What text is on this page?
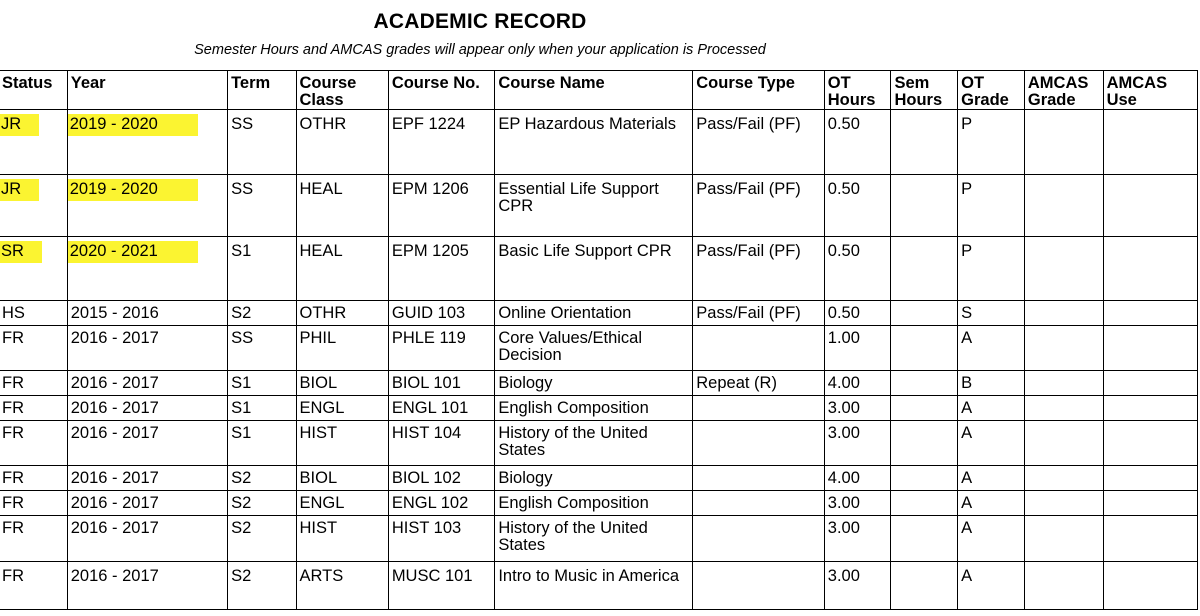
ACADEMIC RECORD
Semester Hours and AMCAS grades will appear only when your application is Processed
Status	Year	Term	Course Class	Course No.	Course Name	Course Type	OT Hours	Sem Hours	OT Grade	AMCAS Grade	AMCAS Use
JR	2019 - 2020	SS	OTHR	EPF 1224	EP Hazardous Materials	Pass/Fail (PF)	0.50		P		
JR	2019 - 2020	SS	HEAL	EPM 1206	Essential Life Support CPR	Pass/Fail (PF)	0.50		P		
SR	2020 - 2021	S1	HEAL	EPM 1205	Basic Life Support CPR	Pass/Fail (PF)	0.50		P		
HS	2015 - 2016	S2	OTHR	GUID 103	Online Orientation	Pass/Fail (PF)	0.50		S		
FR	2016 - 2017	SS	PHIL	PHLE 119	Core Values/Ethical Decision		1.00		A		
FR	2016 - 2017	S1	BIOL	BIOL 101	Biology	Repeat (R)	4.00		B		
FR	2016 - 2017	S1	ENGL	ENGL 101	English Composition		3.00		A		
FR	2016 - 2017	S1	HIST	HIST 104	History of the United States		3.00		A		
FR	2016 - 2017	S2	BIOL	BIOL 102	Biology		4.00		A		
FR	2016 - 2017	S2	ENGL	ENGL 102	English Composition		3.00		A		
FR	2016 - 2017	S2	HIST	HIST 103	History of the United States		3.00		A		
FR	2016 - 2017	S2	ARTS	MUSC 101	Intro to Music in America		3.00		A		
